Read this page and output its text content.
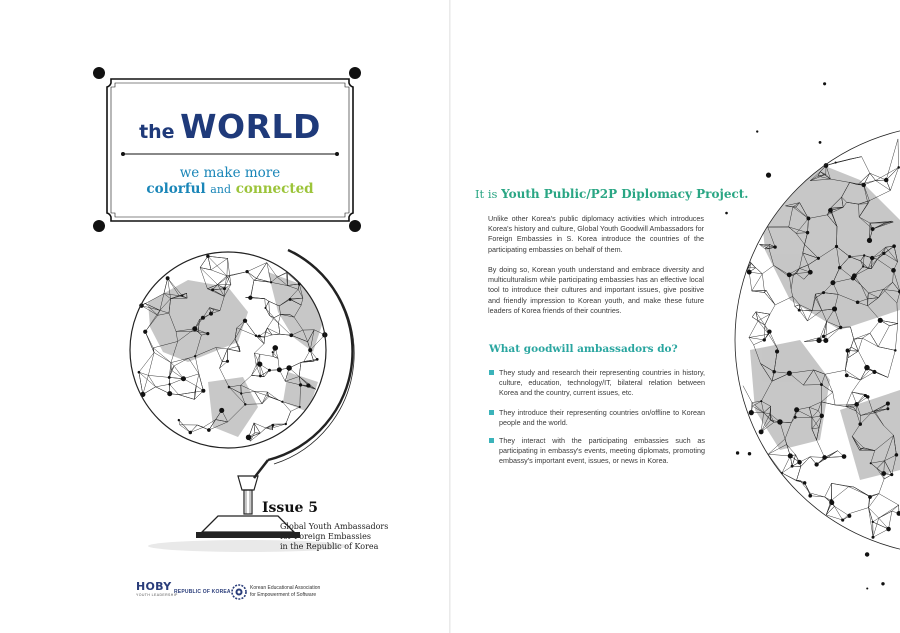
the WORLD
we make more
colorful and connected
Issue 5
Global Youth Ambassadors
for Foreign Embassies
in the Republic of Korea
HOBY
YOUTH LEADERSHIP
REPUBLIC OF KOREA
Korean Educational Association
for Empowerment of Software
It is Youth Public/P2P Diplomacy Project.
Unlike other Korea's public diplomacy activities which introduces Korea's history and culture, Global Youth Goodwill Ambassadors for Foreign Embassies in S. Korea introduce the countries of the participating embassies on behalf of them.
By doing so, Korean youth understand and embrace diversity and multiculturalism while participating embassies has an effective local tool to introduce their cultures and important issues, give positive and friendly impression to Korean youth, and make these future leaders of Korea friends of their countries.
What goodwill ambassadors do?
They study and research their representing countries in history, culture, education, technology/IT, bilateral relation between Korea and the country, current issues, etc.
They introduce their representing countries on/offline to Korean people and the world.
They interact with the participating embassies such as participating in embassy's events, meeting diplomats, promoting embassy's important event, issues, or news in Korea.
